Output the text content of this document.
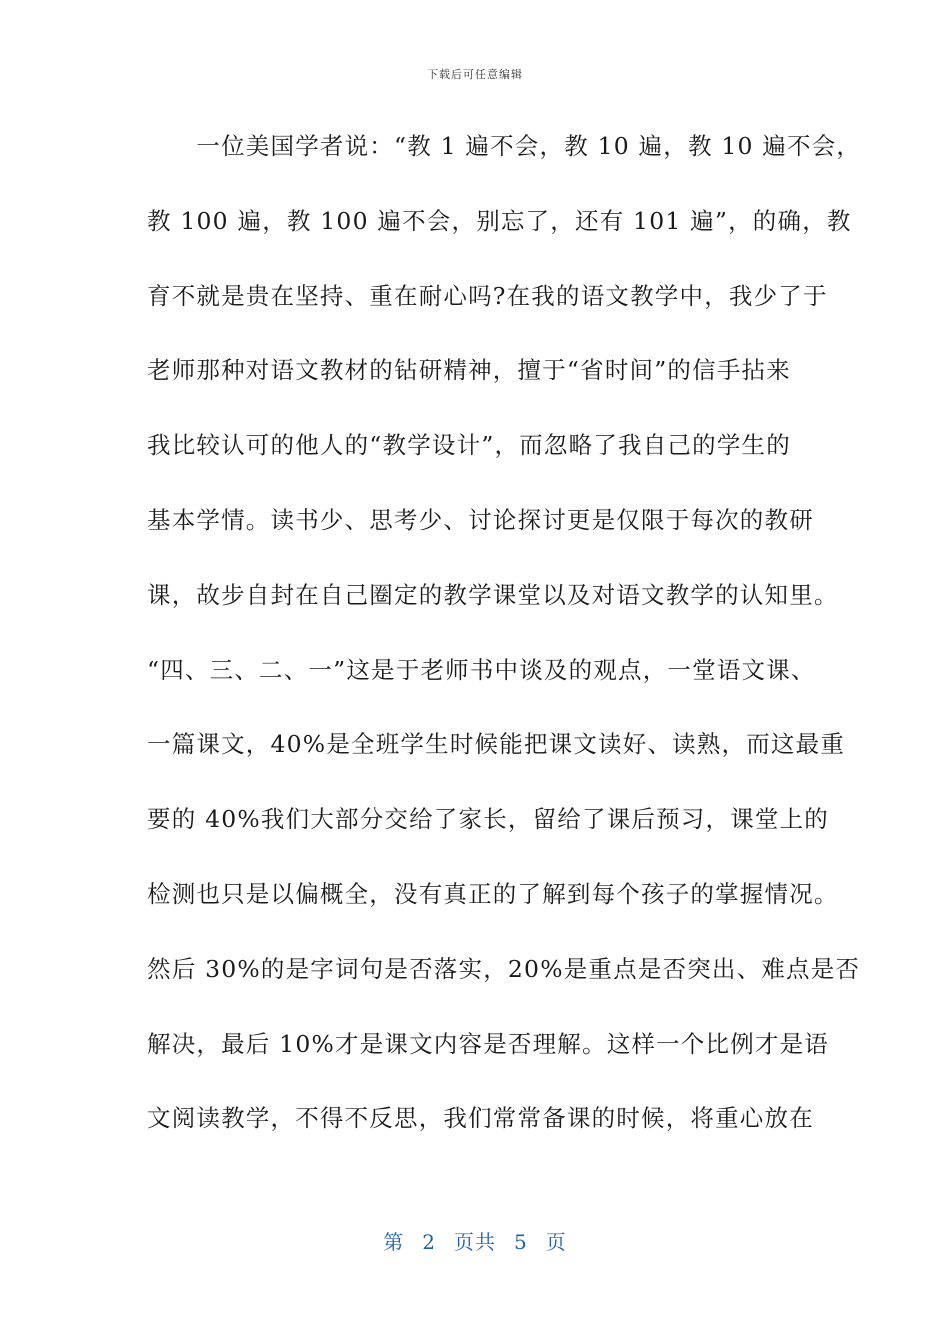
下载后可任意编辑
　　一位美国学者说：“教 1 遍不会，教 10 遍，教 10 遍不会，
教 100 遍，教 100 遍不会，别忘了，还有 101 遍”，的确，教
育不就是贵在坚持、重在耐心吗?在我的语文教学中，我少了于
老师那种对语文教材的钻研精神，擅于“省时间”的信手拈来
我比较认可的他人的“教学设计”，而忽略了我自己的学生的
基本学情。读书少、思考少、讨论探讨更是仅限于每次的教研
课，故步自封在自己圈定的教学课堂以及对语文教学的认知里。
“四、三、二、一”这是于老师书中谈及的观点，一堂语文课、
一篇课文，40%是全班学生时候能把课文读好、读熟，而这最重
要的 40%我们大部分交给了家长，留给了课后预习，课堂上的
检测也只是以偏概全，没有真正的了解到每个孩子的掌握情况。
然后 30%的是字词句是否落实，20%是重点是否突出、难点是否
解决，最后 10%才是课文内容是否理解。这样一个比例才是语
文阅读教学，不得不反思，我们常常备课的时候，将重心放在
第 2 页共 5 页
